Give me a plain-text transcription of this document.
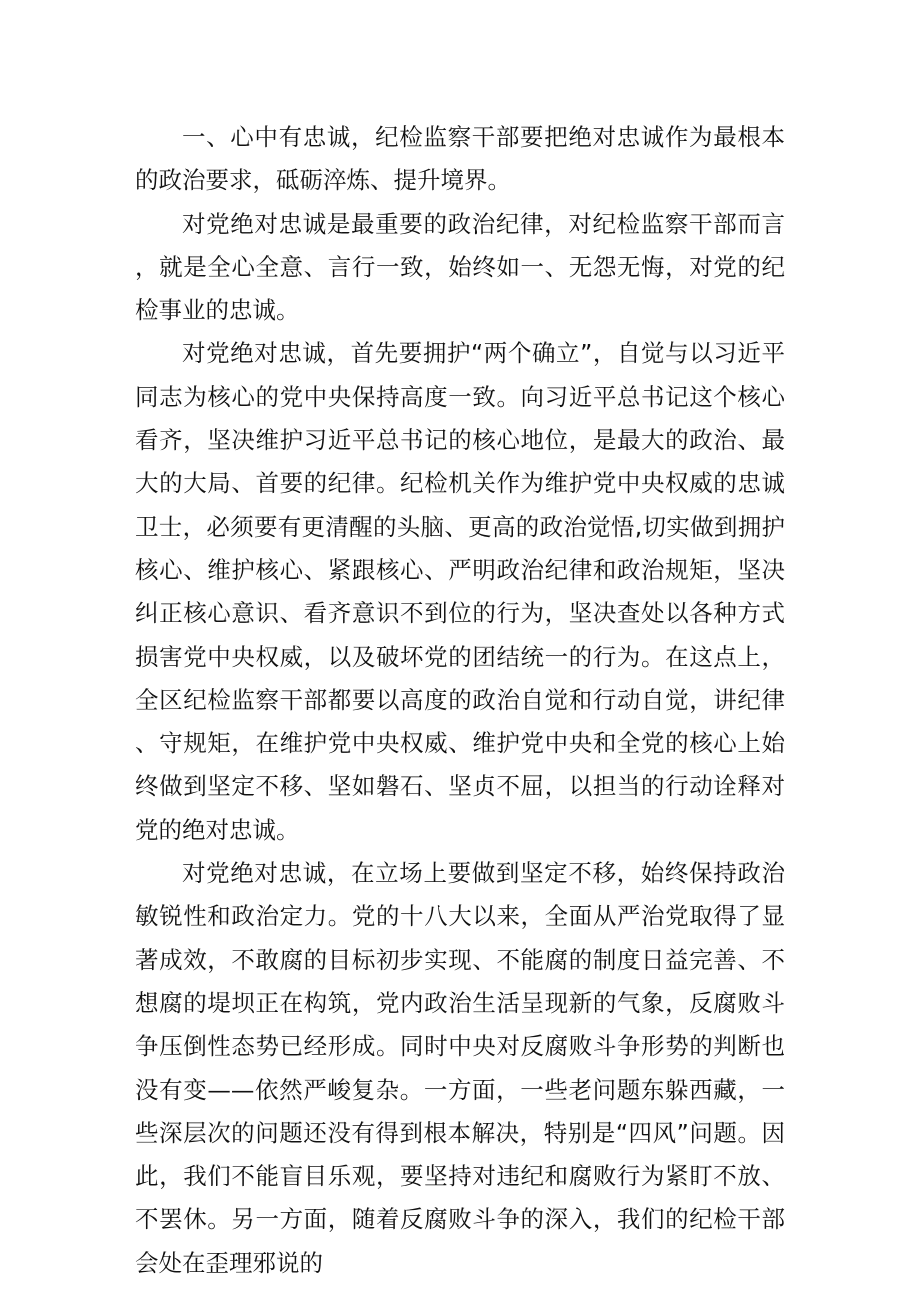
一、心中有忠诚，纪检监察干部要把绝对忠诚作为最根本的政治要求，砥砺淬炼、提升境界。

对党绝对忠诚是最重要的政治纪律，对纪检监察干部而言，就是全心全意、言行一致，始终如一、无怨无悔，对党的纪检事业的忠诚。

对党绝对忠诚，首先要拥护“两个确立”，自觉与以习近平同志为核心的党中央保持高度一致。向习近平总书记这个核心看齐，坚决维护习近平总书记的核心地位，是最大的政治、最大的大局、首要的纪律。纪检机关作为维护党中央权威的忠诚卫士，必须要有更清醒的头脑、更高的政治觉悟,切实做到拥护核心、维护核心、紧跟核心、严明政治纪律和政治规矩，坚决纠正核心意识、看齐意识不到位的行为，坚决查处以各种方式损害党中央权威，以及破坏党的团结统一的行为。在这点上，全区纪检监察干部都要以高度的政治自觉和行动自觉，讲纪律、守规矩，在维护党中央权威、维护党中央和全党的核心上始终做到坚定不移、坚如磐石、坚贞不屈，以担当的行动诠释对党的绝对忠诚。

对党绝对忠诚，在立场上要做到坚定不移，始终保持政治敏锐性和政治定力。党的十八大以来，全面从严治党取得了显著成效，不敢腐的目标初步实现、不能腐的制度日益完善、不想腐的堤坝正在构筑，党内政治生活呈现新的气象，反腐败斗争压倒性态势已经形成。同时中央对反腐败斗争形势的判断也没有变——依然严峻复杂。一方面，一些老问题东躲西藏，一些深层次的问题还没有得到根本解决，特别是“四风”问题。因此，我们不能盲目乐观，要坚持对违纪和腐败行为紧盯不放、不罢休。另一方面，随着反腐败斗争的深入，我们的纪检干部会处在歪理邪说的
